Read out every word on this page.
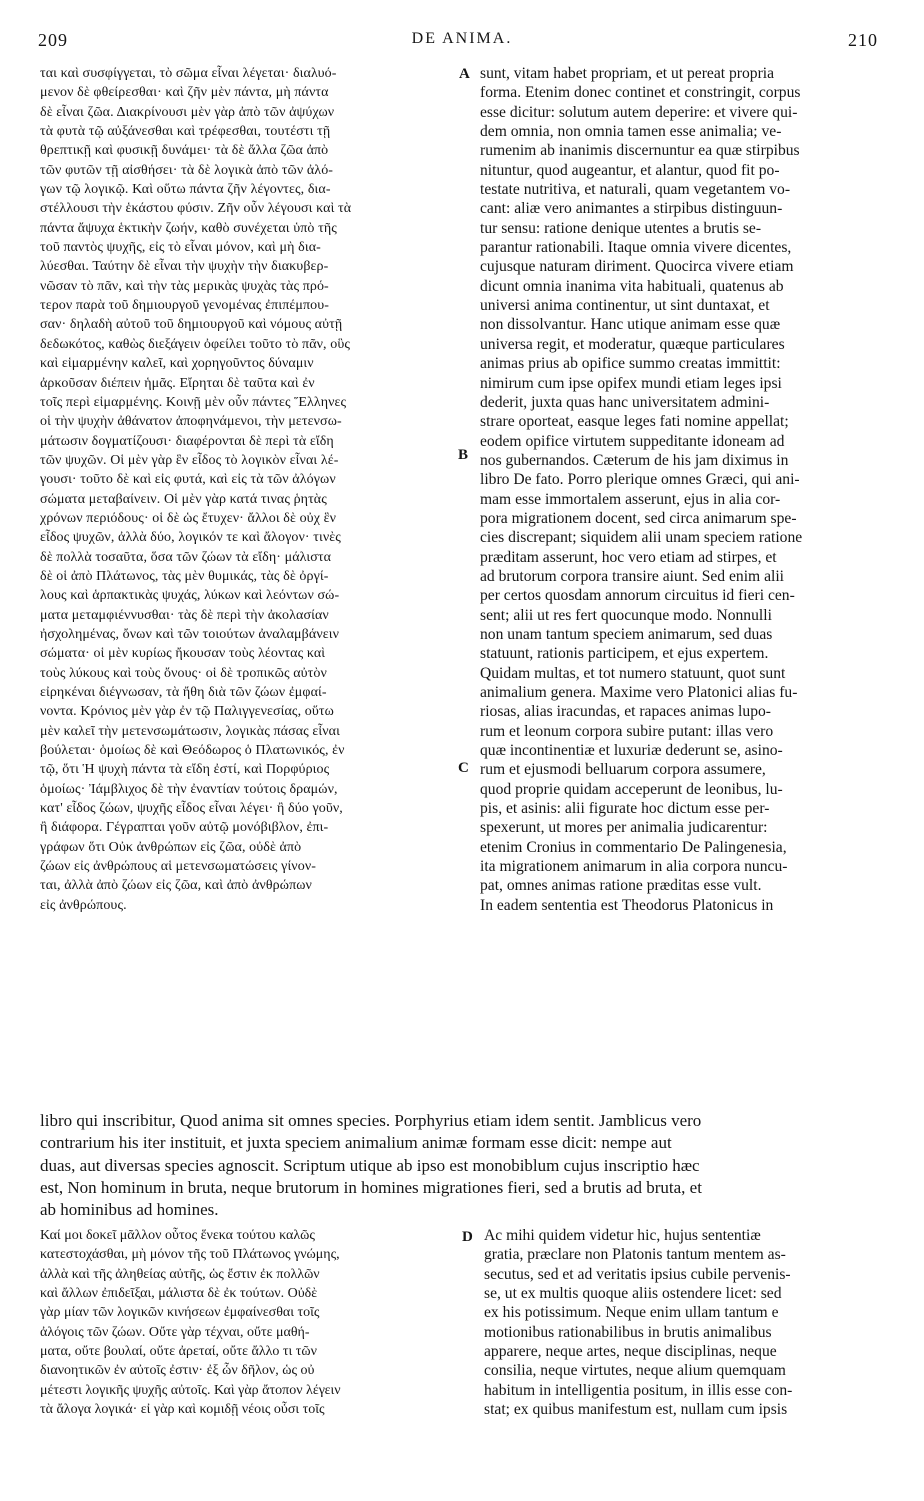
209	DE ANIMA.	210
ται καὶ συσφίγγεται, τὸ σῶμα εἶναι λέγεται· διαλυό-
μενον δὲ φθείρεσθαι· καὶ ζῆν μὲν πάντα, μὴ πάντα
δὲ εἶναι ζῶα. Διακρίνουσι μὲν γὰρ ἀπὸ τῶν ἀψύχων
τὰ φυτὰ τῷ αὐξάνεσθαι καὶ τρέφεσθαι, τουτέστι τῇ
θρεπτικῇ καὶ φυσικῇ δυνάμει· τὰ δὲ ἄλλα ζῶα ἀπὸ
τῶν φυτῶν τῇ αἰσθήσει· τὰ δὲ λογικὰ ἀπὸ τῶν ἀλό-
γων τῷ λογικῷ. Καὶ οὕτω πάντα ζῆν λέγοντες, δια-
στέλλουσι τὴν ἑκάστου φύσιν. Ζῆν οὖν λέγουσι καὶ τὰ
πάντα ἄψυχα ἑκτικὴν ζωήν, καθὸ συνέχεται ὑπὸ τῆς
τοῦ παντὸς ψυχῆς, εἰς τὸ εἶναι μόνον, καὶ μὴ δια-
λύεσθαι. Ταύτην δὲ εἶναι τὴν ψυχὴν τὴν διακυβερ-
νῶσαν τὸ πᾶν, καὶ τὴν τὰς μερικὰς ψυχὰς τὰς πρό-
τερον παρὰ τοῦ δημιουργοῦ γενομένας ἐπιπέμπου-
σαν· δηλαδὴ αὐτοῦ τοῦ δημιουργοῦ καὶ νόμους αὐτῇ
δεδωκότος, καθὼς διεξάγειν ὀφείλει τοῦτο τὸ πᾶν, οὓς
καὶ εἱμαρμένην καλεῖ, καὶ χορηγοῦντος δύναμιν
ἀρκοῦσαν διέπειν ἡμᾶς. Εἴρηται δὲ ταῦτα καὶ ἐν
τοῖς περὶ εἱμαρμένης. Κοινῇ μὲν οὖν πάντες Ἕλληνες
οἱ τὴν ψυχὴν ἀθάνατον ἀποφηνάμενοι, τὴν μετενσω-
μάτωσιν δογματίζουσι· διαφέρονται δὲ περὶ τὰ εἴδη
τῶν ψυχῶν. Οἱ μὲν γὰρ ἓν εἶδος τὸ λογικὸν εἶναι λέ-
γουσι· τοῦτο δὲ καὶ εἰς φυτά, καὶ εἰς τὰ τῶν ἀλόγων
σώματα μεταβαίνειν. Οἱ μὲν γὰρ κατά τινας ῥητὰς
χρόνων περιόδους· οἱ δὲ ὡς ἔτυχεν· ἄλλοι δὲ οὐχ ἓν
εἶδος ψυχῶν, ἀλλὰ δύο, λογικόν τε καὶ ἄλογον· τινὲς
δὲ πολλὰ τοσαῦτα, ὅσα τῶν ζώων τὰ εἴδη· μάλιστα
δὲ οἱ ἀπὸ Πλάτωνος, τὰς μὲν θυμικάς, τὰς δὲ ὀργί-
λους καὶ ἁρπακτικὰς ψυχάς, λύκων καὶ λεόντων σώ-
ματα μεταμφιέννυσθαι· τὰς δὲ περὶ τὴν ἀκολασίαν
ἠσχολημένας, ὄνων καὶ τῶν τοιούτων ἀναλαμβάνειν
σώματα· οἱ μὲν κυρίως ἤκουσαν τοὺς λέοντας καὶ
τοὺς λύκους καὶ τοὺς ὄνους· οἱ δὲ τροπικῶς αὐτὸν
εἰρηκέναι διέγνωσαν, τὰ ἤθη διὰ τῶν ζώων ἐμφαί-
νοντα. Κρόνιος μὲν γὰρ ἐν τῷ Παλιγγενεσίας, οὕτω
μὲν καλεῖ τὴν μετενσωμάτωσιν, λογικὰς πάσας εἶναι
βούλεται· ὁμοίως δὲ καὶ Θεόδωρος ὁ Πλατωνικός, ἐν
τῷ, ὅτι Ἡ ψυχὴ πάντα τὰ εἴδη ἐστί, καὶ Πορφύριος
ὁμοίως· Ἰάμβλιχος δὲ τὴν ἐναντίαν τούτοις δραμών,
κατ' εἶδος ζώων, ψυχῆς εἶδος εἶναι λέγει· ἢ δύο γοῦν,
ἢ διάφορα. Γέγραπται γοῦν αὐτῷ μονόβιβλον, ἐπι-
γράφων ὅτι Οὐκ ἀνθρώπων εἰς ζῶα, οὐδὲ ἀπὸ
ζώων εἰς ἀνθρώπους αἱ μετενσωματώσεις γίνον-
ται, ἀλλὰ ἀπὸ ζώων εἰς ζῶα, καὶ ἀπὸ ἀνθρώπων
εἰς ἀνθρώπους.
sunt, vitam habet propriam, et ut pereat propria
forma. Etenim donec continet et constringit, corpus
esse dicitur: solutum autem deperire: et vivere qui-
dem omnia, non omnia tamen esse animalia; ve-
rumenim ab inanimis discernuntur ea quæ stirpibus
nituntur, quod augeantur, et alantur, quod fit po-
testate nutritiva, et naturali, quam vegetantem vo-
cant: aliæ vero animantes a stirpibus distinguun-
tur sensu: ratione denique utentes a brutis se-
parantur rationabili. Itaque omnia vivere dicentes,
cujusque naturam diriment. Quocirca vivere etiam
dicunt omnia inanima vita habituali, quatenus ab
universi anima continentur, ut sint duntaxat, et
non dissolvantur. Hanc utique animam esse quæ
universa regit, et moderatur, quæque particulares
animas prius ab opifice summo creatas immittit:
nimirum cum ipse opifex mundi etiam leges ipsi
dederit, juxta quas hanc universitatem admini-
strare oporteat, easque leges fati nomine appellat;
eodem opifice virtutem suppeditante idoneam ad
nos gubernandos. Cæterum de his jam diximus in
libro De fato. Porro plerique omnes Græci, qui ani-
mam esse immortalem asserunt, ejus in alia cor-
pora migrationem docent, sed circa animarum spe-
cies discrepant; siquidem alii unam speciem ratione
præditam asserunt, hoc vero etiam ad stirpes, et
ad brutorum corpora transire aiunt. Sed enim alii
per certos quosdam annorum circuitus id fieri cen-
sent; alii ut res fert quocunque modo. Nonnulli
non unam tantum speciem animarum, sed duas
statuunt, rationis participem, et ejus expertem.
Quidam multas, et tot numero statuunt, quot sunt
animalium genera. Maxime vero Platonici alias fu-
riosas, alias iracundas, et rapaces animas lupo-
rum et leonum corpora subire putant: illas vero
quæ incontinentiæ et luxuriæ dederunt se, asino-
rum et ejusmodi belluarum corpora assumere,
quod proprie quidam acceperunt de leonibus, lu-
pis, et asinis: alii figurate hoc dictum esse per-
spexerunt, ut mores per animalia judicarentur:
etenim Cronius in commentario De Palingenesia,
ita migrationem animarum in alia corpora nuncu-
pat, omnes animas ratione præditas esse vult.
In eadem sententia est Theodorus Platonicus in
A
B
C
D
libro qui inscribitur, Quod anima sit omnes species. Porphyrius etiam idem sentit. Jamblicus vero
contrarium his iter instituit, et juxta speciem animalium animæ formam esse dicit: nempe aut
duas, aut diversas species agnoscit. Scriptum utique ab ipso est monobiblum cujus inscriptio hæc
est, Non hominum in bruta, neque brutorum in homines migrationes fieri, sed a brutis ad bruta, et
ab hominibus ad homines.
Καί μοι δοκεῖ μᾶλλον οὗτος ἕνεκα τούτου καλῶς
κατεστοχάσθαι, μὴ μόνον τῆς τοῦ Πλάτωνος γνώμης,
ἀλλὰ καὶ τῆς ἀληθείας αὐτῆς, ὡς ἔστιν ἐκ πολλῶν
καὶ ἄλλων ἐπιδεῖξαι, μάλιστα δὲ ἐκ τούτων. Οὐδὲ
γὰρ μίαν τῶν λογικῶν κινήσεων ἐμφαίνεσθαι τοῖς
ἀλόγοις τῶν ζώων. Οὔτε γὰρ τέχναι, οὔτε μαθή-
ματα, οὔτε βουλαί, οὔτε ἀρεταί, οὔτε ἄλλο τι τῶν
διανοητικῶν ἐν αὐτοῖς ἐστιν· ἐξ ὧν δῆλον, ὡς οὐ
μέτεστι λογικῆς ψυχῆς αὐτοῖς. Καὶ γὰρ ἄτοπον λέγειν
τὰ ἄλογα λογικά· εἰ γὰρ καὶ κομιδῇ νέοις οὖσι τοῖς
Ac mihi quidem videtur hic, hujus sententiæ
gratia, præclare non Platonis tantum mentem as-
secutus, sed et ad veritatis ipsius cubile pervenis-
se, ut ex multis quoque aliis ostendere licet: sed
ex his potissimum. Neque enim ullam tantum e
motionibus rationabilibus in brutis animalibus
apparere, neque artes, neque disciplinas, neque
consilia, neque virtutes, neque alium quemquam
habitum in intelligentia positum, in illis esse con-
stat; ex quibus manifestum est, nullam cum ipsis
